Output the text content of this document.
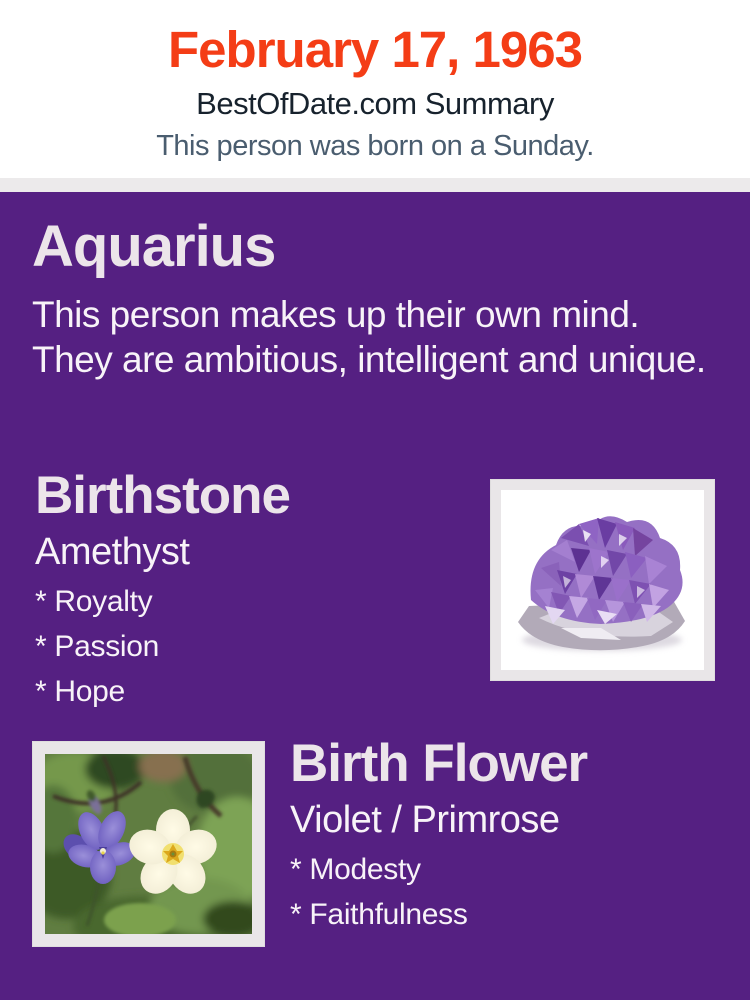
February 17, 1963
BestOfDate.com Summary
This person was born on a Sunday.
Aquarius

This person makes up their own mind. They are ambitious, intelligent and unique.

Birthstone
Amethyst
* Royalty
* Passion
* Hope
Birth Flower
Violet / Primrose
* Modesty
* Faithfulness
